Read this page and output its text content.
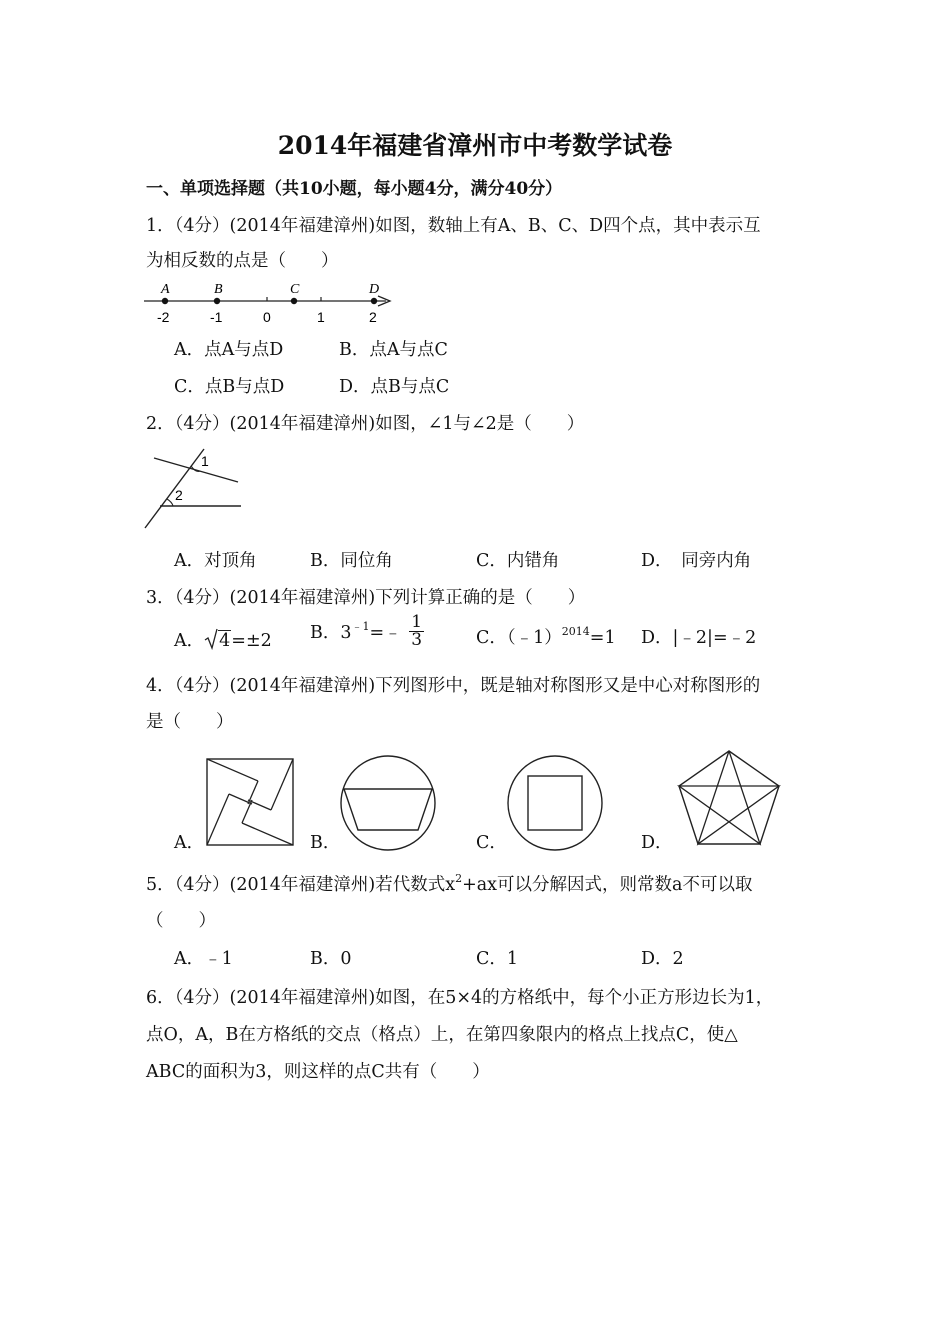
2014年福建省漳州市中考数学试卷
一、单项选择题（共10小题，每小题4分，满分40分）
1．（4分）(2014年福建漳州)如图，数轴上有A、B、C、D四个点，其中表示互
为相反数的点是（　　）
A	B	C	D
-2	-1	0	1	2
A．点A与点D	B．点A与点C
C．点B与点D	D．点B与点C
2．（4分）(2014年福建漳州)如图，∠1与∠2是（　　）
1
2
A．对顶角	B．同位角	C．内错角	D．　同旁内角
3．（4分）(2014年福建漳州)下列计算正确的是（　　）
A． 4=±2 B．$3^{﹣1}=﹣ \frac{1}{3}$	C．（﹣1）$^{2014}$=1 D．|﹣2|=﹣2
4．（4分）(2014年福建漳州)下列图形中，既是轴对称图形又是中心对称图形的
是（　　）
A．	B．	C．	D．
5．（4分）(2014年福建漳州)若代数式$x^2+ax$可以分解因式，则常数a不可以取
（　　）
A．﹣1	B．0	C．1	D．2
6．（4分）(2014年福建漳州)如图，在5×4的方格纸中，每个小正方形边长为1，
点O，A，B在方格纸的交点（格点）上，在第四象限内的格点上找点C，使△
ABC的面积为3，则这样的点C共有（　　）
